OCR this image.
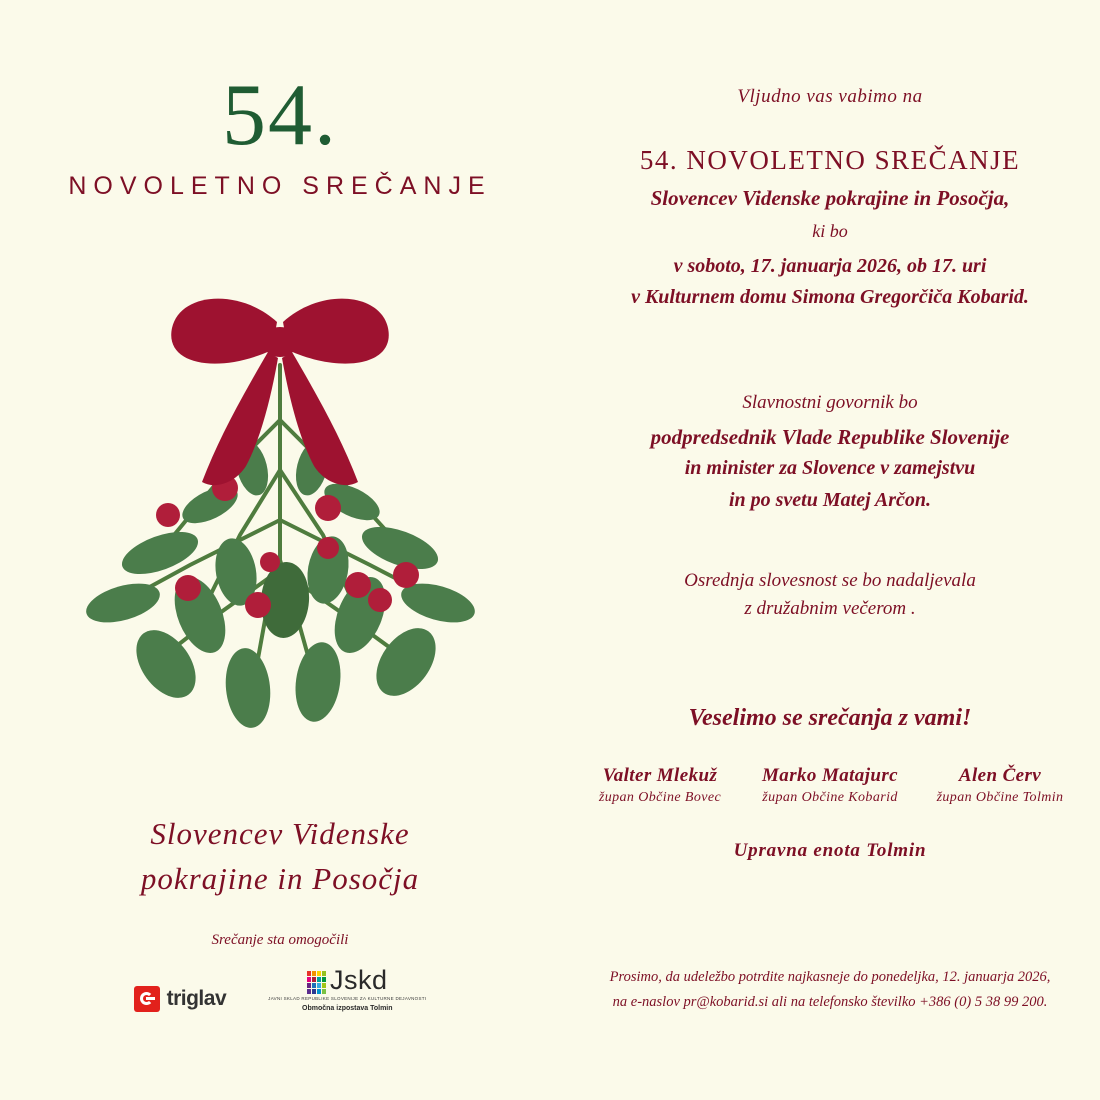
54.
NOVOLETNO SREČANJE
Slovencev Videnske
pokrajine in Posočja
Srečanje sta omogočili
triglav
Jskd
JAVNI SKLAD REPUBLIKE SLOVENIJE ZA KULTURNE DEJAVNOSTI
Območna izpostava Tolmin
Vljudno vas vabimo na
54. NOVOLETNO SREČANJE
Slovencev Videnske pokrajine in Posočja,
ki bo
v soboto, 17. januarja 2026, ob 17. uri
v Kulturnem domu Simona Gregorčiča Kobarid.
Slavnostni govornik bo
podpredsednik Vlade Republike Slovenije
in minister za Slovence v zamejstvu
in po svetu Matej Arčon.
Osrednja slovesnost se bo nadaljevala
z družabnim večerom .
Veselimo se srečanja z vami!
Valter Mlekuž
župan Občine Bovec
Marko Matajurc
župan Občine Kobarid
Alen Červ
župan Občine Tolmin
Upravna enota Tolmin
Prosimo, da udeležbo potrdite najkasneje do ponedeljka, 12. januarja 2026,
na e-naslov pr@kobarid.si ali na telefonsko številko +386 (0) 5 38 99 200.
